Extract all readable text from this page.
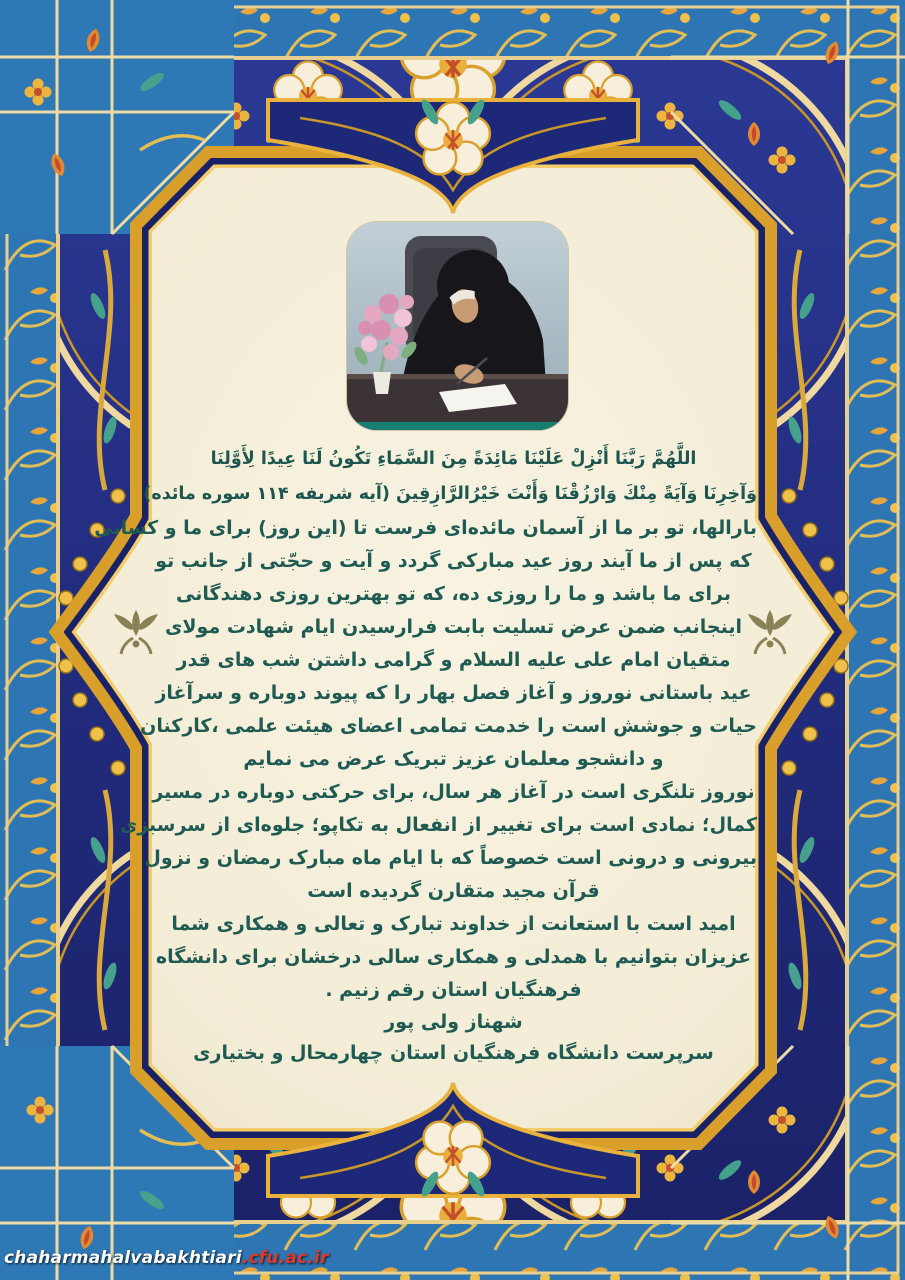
اللَّهُمَّ رَبَّنَا أَنْزِلْ عَلَيْنَا مَائِدَةً مِنَ السَّمَاءِ تَكُونُ لَنَا عِيدًا لِأَوَّلِنَا
وَآخِرِنَا وَآيَةً مِنْكَ وَارْزُقْنَا وَأَنْتَ خَيْرُالرَّازِقِينَ (آیه شریفه ۱۱۴ سوره مائده)
بارالها، تو بر ما از آسمان مائده‌ای فرست تا (این روز) برای ما و کسانی
که پس از ما آیند روز عید مبارکی گردد و آیت و حجّتی از جانب تو
برای ما باشد و ما را روزی ده، که تو بهترین روزی دهندگانی
اینجانب ضمن عرض تسلیت بابت فرارسیدن ایام شهادت مولای
متقیان امام علی علیه السلام و گرامی داشتن شب های قدر
عید باستانی نوروز و آغاز فصل بهار را که پیوند دوباره و سرآغاز
حیات و جوشش است را خدمت تمامی اعضای هیئت علمی ،کارکنان
و دانشجو معلمان عزیز تبریک عرض می نمایم
نوروز تلنگری است در آغاز هر سال، برای حرکتی دوباره در مسیر
کمال؛ نمادی است برای تغییر از انفعال به تکاپو؛ جلوه‌ای از سرسبزی
بیرونی و درونی است خصوصاً که با ایام ماه مبارک رمضان و نزول
قرآن مجید متقارن گردیده است
امید است با استعانت از خداوند تبارک و تعالی و همکاری شما
عزیزان بتوانیم با همدلی و همکاری سالی درخشان برای دانشگاه
فرهنگیان استان رقم زنیم .
شهناز ولی پور
سرپرست دانشگاه فرهنگیان استان چهارمحال و بختیاری
chaharmahalvabakhtiari.cfu.ac.ir
